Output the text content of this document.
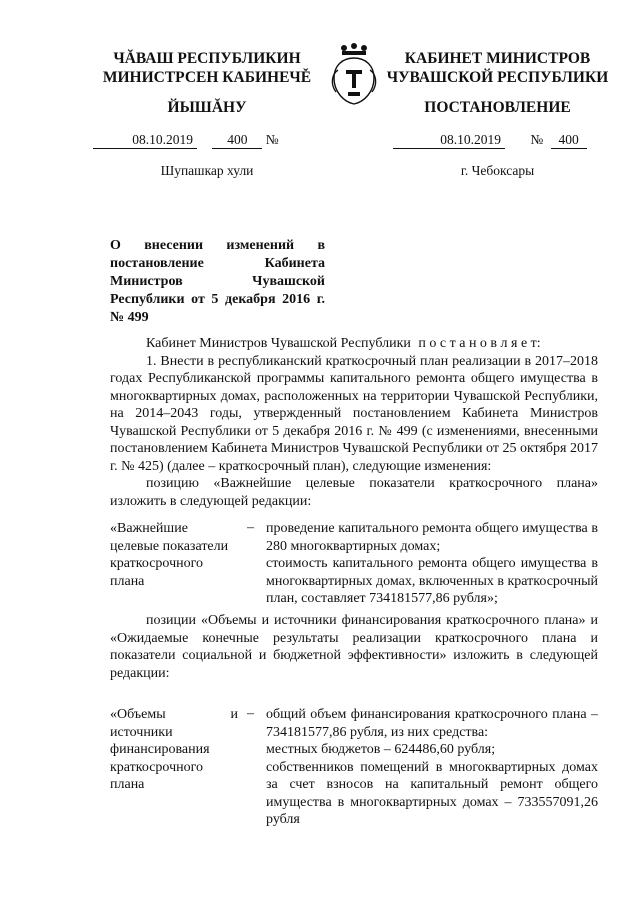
ЧĂВАШ РЕСПУБЛИКИН
МИНИСТРСЕН КАБИНЕЧĚ
ЙЫШĂНУ
КАБИНЕТ МИНИСТРОВ
ЧУВАШСКОЙ РЕСПУБЛИКИ
ПОСТАНОВЛЕНИЕ
08.10.2019	400 №	08.10.2019 № 400
Шупашкар хули	г. Чебоксары
О внесении изменений в постановление Кабинета Министров Чувашской Республики от 5 декабря 2016 г. № 499

Кабинет Министров Чувашской Республики п о с т а н о в л я е т:

1. Внести в республиканский краткосрочный план реализации в 2017–2018 годах Республиканской программы капитального ремонта общего имущества в многоквартирных домах, расположенных на территории Чувашской Республики, на 2014–2043 годы, утвержденный постановлением Кабинета Министров Чувашской Республики от 5 декабря 2016 г. № 499 (с изменениями, внесенными постановлением Кабинета Министров Чувашской Республики от 25 октября 2017 г. № 425) (далее – краткосрочный план), следующие изменения:

позицию «Важнейшие целевые показатели краткосрочного плана» изложить в следующей редакции:

«Важнейшие целевые показатели краткосрочного плана
– проведение капитального ремонта общего имущества в 280 многоквартирных домах;

стоимость капитального ремонта общего имущества в многоквартирных домах, включенных в краткосрочный план, составляет 734181577,86 рубля»;

позиции «Объемы и источники финансирования краткосрочного плана» и «Ожидаемые конечные результаты реализации краткосрочного плана и показатели социальной и бюджетной эффективности» изложить в следующей редакции:

«Объемы и источники финансирования краткосрочного плана
– общий объем финансирования краткосрочного плана – 734181577,86 рубля, из них средства:

местных бюджетов – 624486,60 рубля;

собственников помещений в многоквартирных домах за счет взносов на капитальный ремонт общего имущества в многоквартирных домах – 733557091,26 рубля
